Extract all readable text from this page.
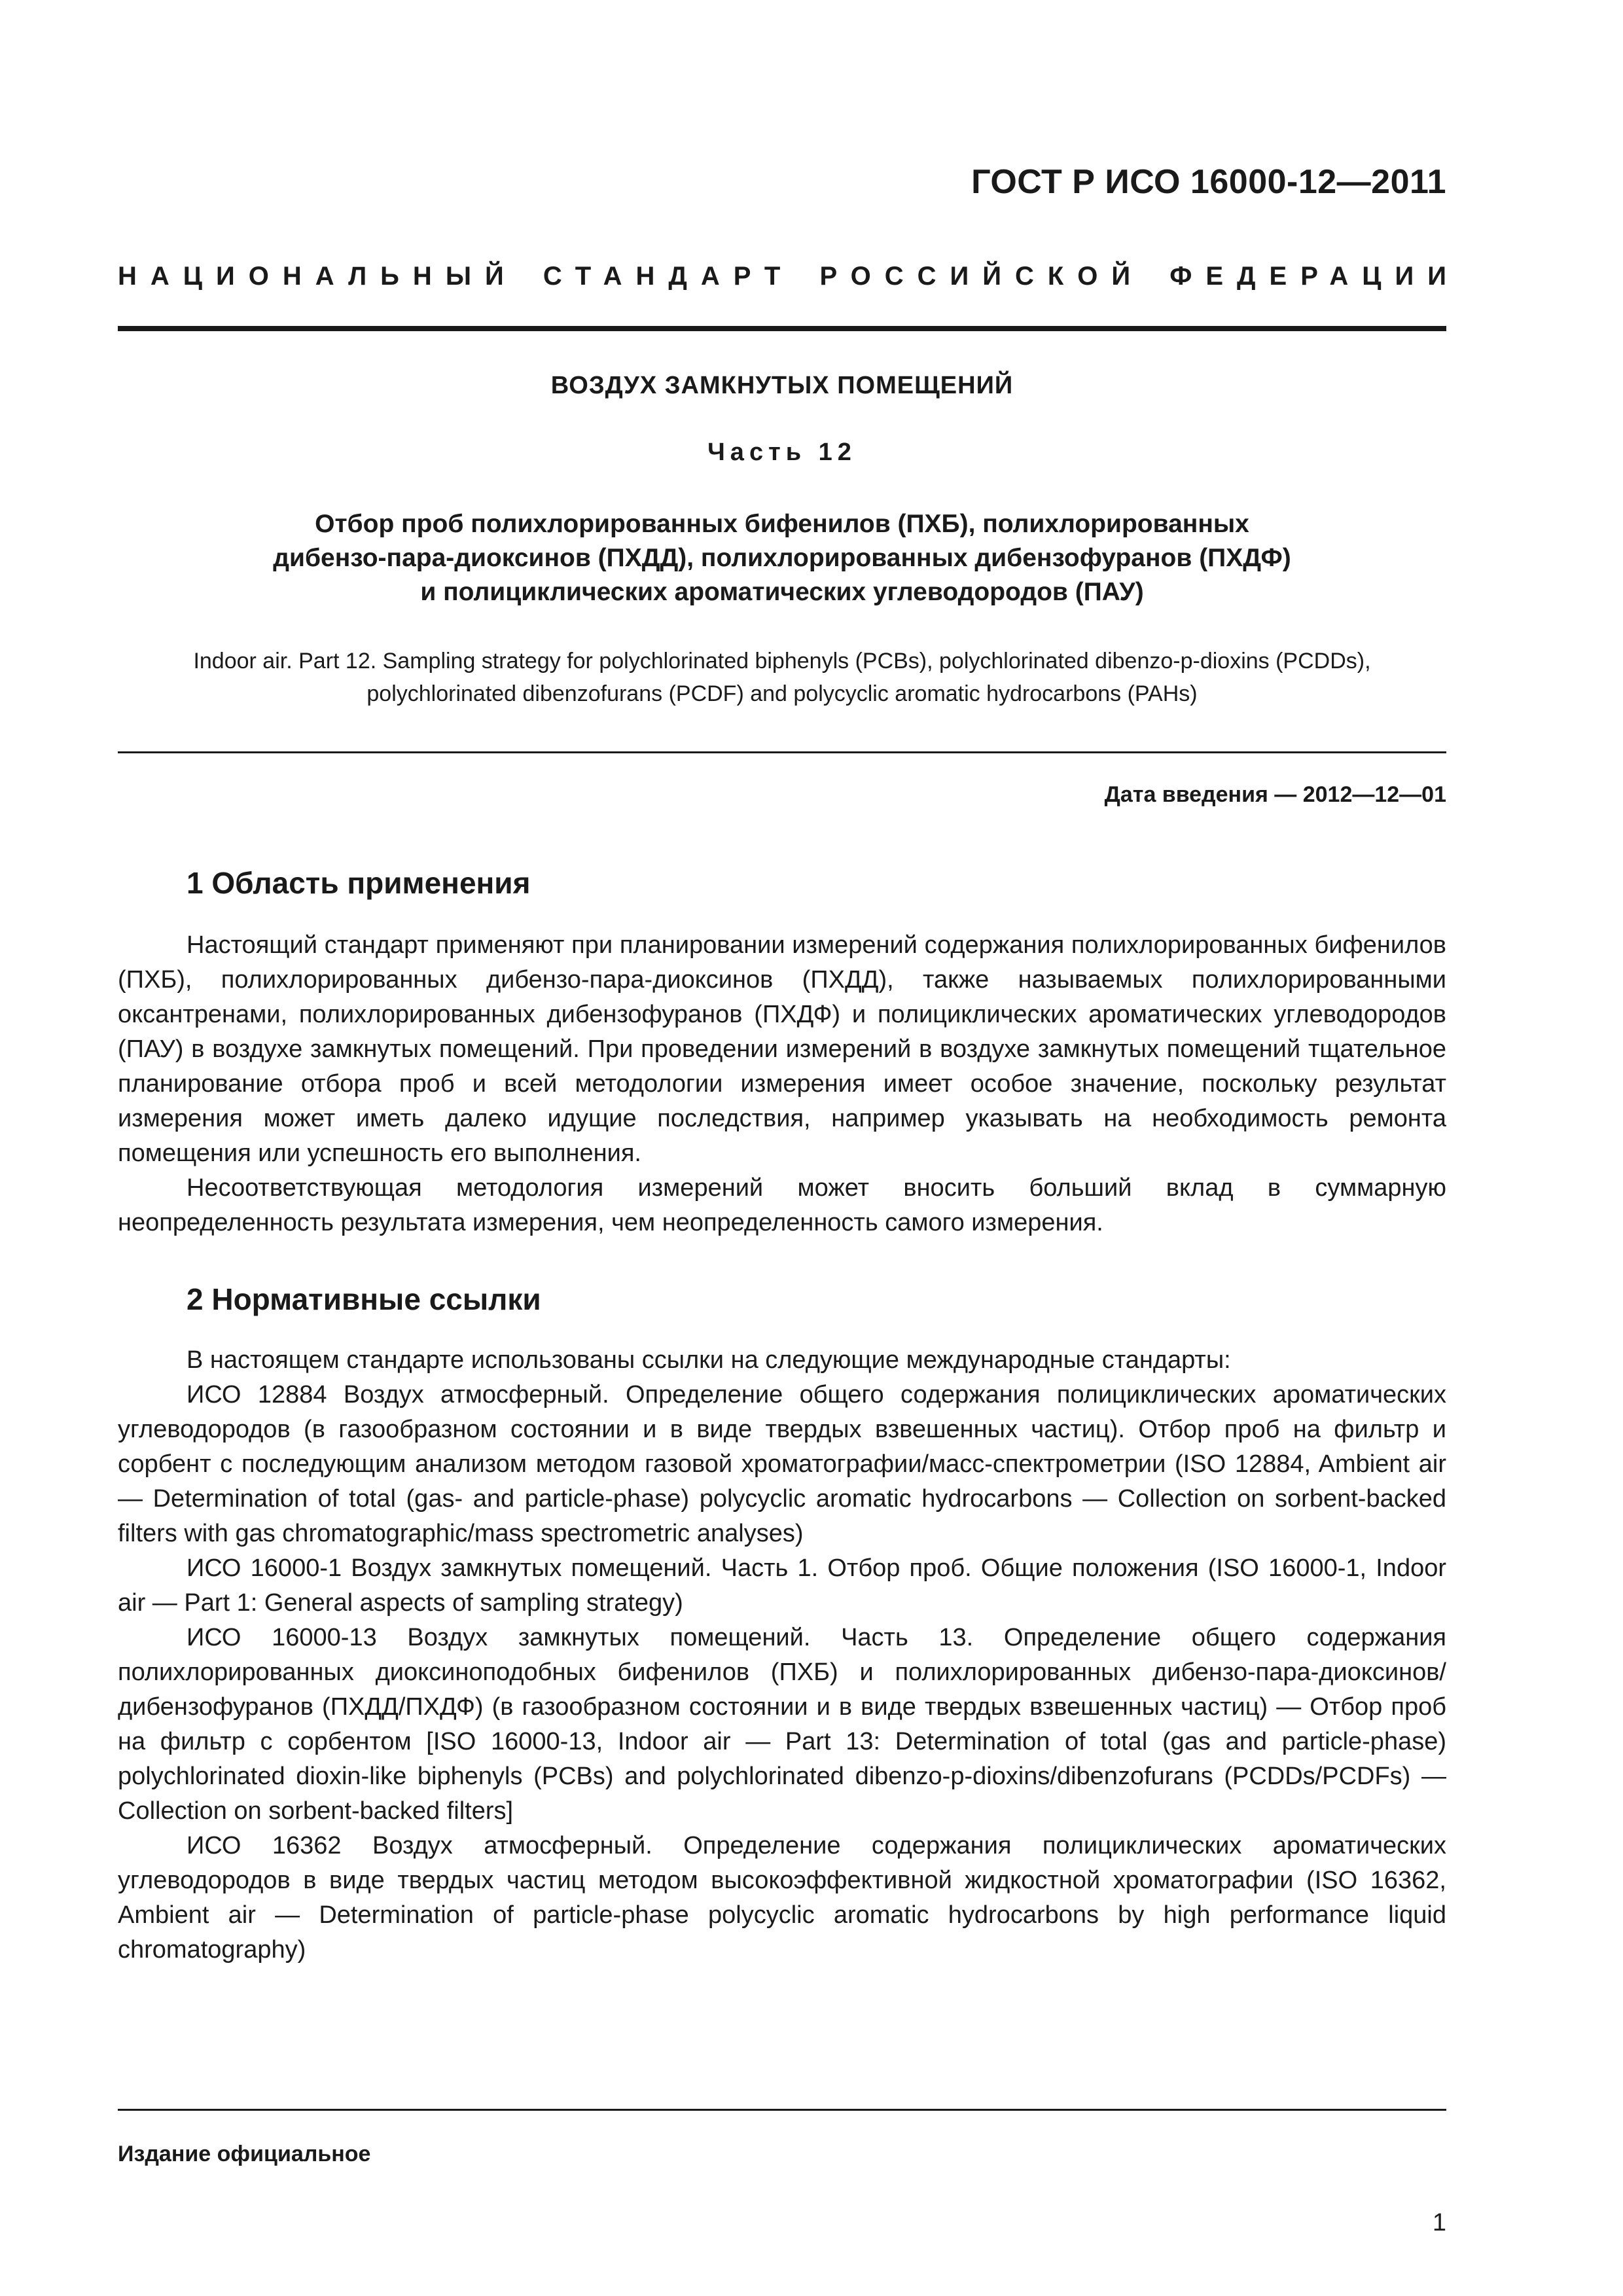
ГОСТ Р ИСО 16000-12—2011
НАЦИОНАЛЬНЫЙ СТАНДАРТ РОССИЙСКОЙ ФЕДЕРАЦИИ
ВОЗДУХ ЗАМКНУТЫХ ПОМЕЩЕНИЙ
Часть 12
Отбор проб полихлорированных бифенилов (ПХБ), полихлорированных
дибензо-пара-диоксинов (ПХДД), полихлорированных дибензофуранов (ПХДФ)
и полициклических ароматических углеводородов (ПАУ)
Indoor air. Part 12. Sampling strategy for polychlorinated biphenyls (PCBs), polychlorinated dibenzo-p-dioxins (PCDDs),
polychlorinated dibenzofurans (PCDF) and polycyclic aromatic hydrocarbons (PAHs)
Дата введения — 2012—12—01
1 Область применения

Настоящий стандарт применяют при планировании измерений содержания полихлорированных бифенилов (ПХБ), полихлорированных дибензо-пара-диоксинов (ПХДД), также называемых полихлорированными оксантренами, полихлорированных дибензофуранов (ПХДФ) и полициклических ароматических углеводородов (ПАУ) в воздухе замкнутых помещений. При проведении измерений в воздухе замкнутых помещений тщательное планирование отбора проб и всей методологии измерения имеет особое значение, поскольку результат измерения может иметь далеко идущие последствия, например указывать на необходимость ремонта помещения или успешность его выполнения.

Несоответствующая методология измерений может вносить больший вклад в суммарную неопределенность результата измерения, чем неопределенность самого измерения.

2 Нормативные ссылки

В настоящем стандарте использованы ссылки на следующие международные стандарты:

ИСО 12884 Воздух атмосферный. Определение общего содержания полициклических ароматических углеводородов (в газообразном состоянии и в виде твердых взвешенных частиц). Отбор проб на фильтр и сорбент с последующим анализом методом газовой хроматографии/масс-спектрометрии (ISO 12884, Ambient air — Determination of total (gas- and particle-phase) polycyclic aromatic hydrocarbons — Collection on sorbent-backed filters with gas chromatographic/mass spectrometric analyses)

ИСО 16000-1 Воздух замкнутых помещений. Часть 1. Отбор проб. Общие положения (ISO 16000-1, Indoor air — Part 1: General aspects of sampling strategy)

ИСО 16000-13 Воздух замкнутых помещений. Часть 13. Определение общего содержания полихлорированных диоксиноподобных бифенилов (ПХБ) и полихлорированных дибензо-пара-диоксинов/дибензофуранов (ПХДД/ПХДФ) (в газообразном состоянии и в виде твердых взвешенных частиц) — Отбор проб на фильтр с сорбентом [ISO 16000-13, Indoor air — Part 13: Determination of total (gas and particle-phase) polychlorinated dioxin-like biphenyls (PCBs) and polychlorinated dibenzo-p-dioxins/dibenzofurans (PCDDs/PCDFs) — Collection on sorbent-backed filters]

ИСО 16362 Воздух атмосферный. Определение содержания полициклических ароматических углеводородов в виде твердых частиц методом высокоэффективной жидкостной хроматографии (ISO 16362, Ambient air — Determination of particle-phase polycyclic aromatic hydrocarbons by high performance liquid chromatography)

Издание официальное
1
